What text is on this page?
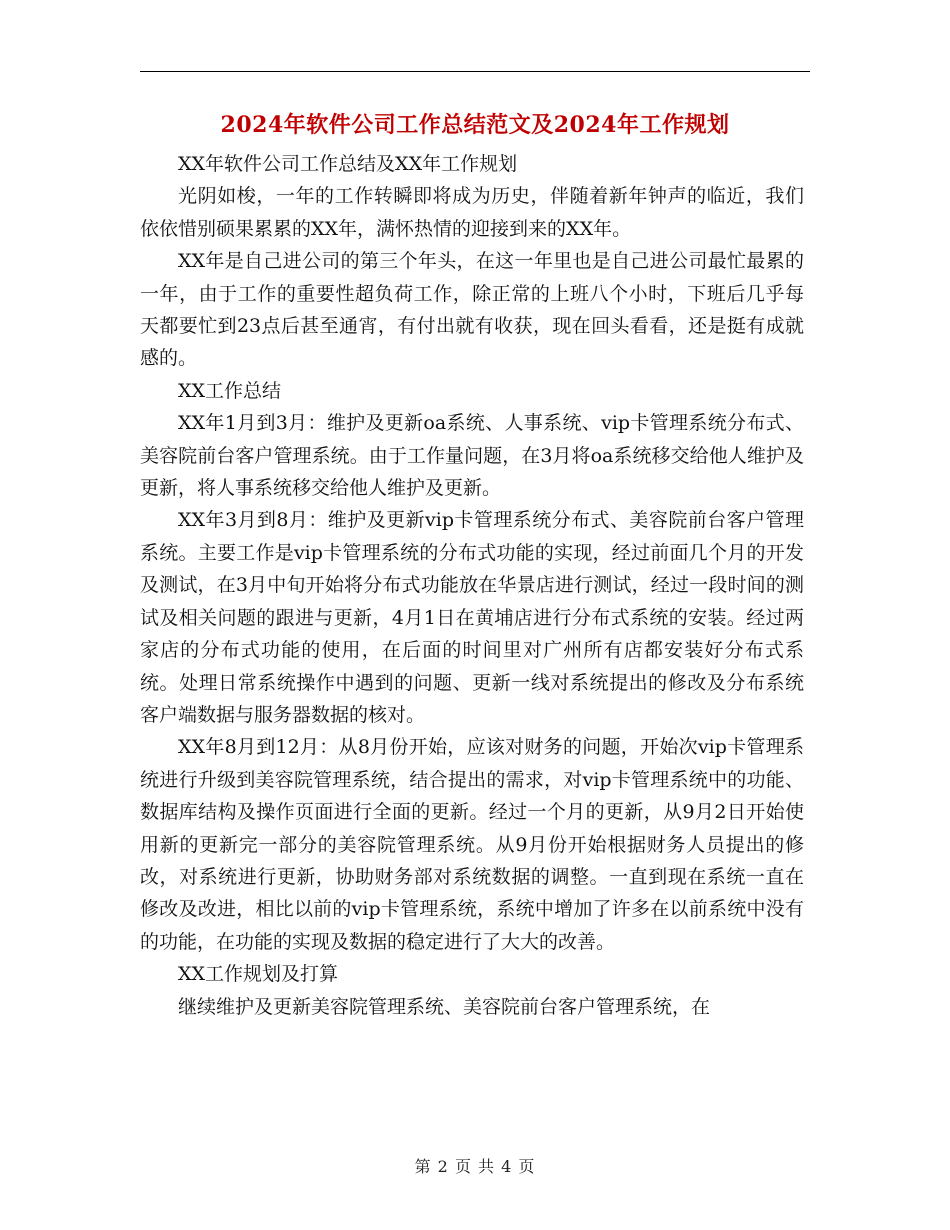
2024年软件公司工作总结范文及2024年工作规划

XX年软件公司工作总结及XX年工作规划

光阴如梭，一年的工作转瞬即将成为历史，伴随着新年钟声的临近，我们依依惜别硕果累累的XX年，满怀热情的迎接到来的XX年。

XX年是自己进公司的第三个年头，在这一年里也是自己进公司最忙最累的一年，由于工作的重要性超负荷工作，除正常的上班八个小时，下班后几乎每天都要忙到23点后甚至通宵，有付出就有收获，现在回头看看，还是挺有成就感的。

XX工作总结

XX年1月到3月：维护及更新oa系统、人事系统、vip卡管理系统分布式、美容院前台客户管理系统。由于工作量问题，在3月将oa系统移交给他人维护及更新，将人事系统移交给他人维护及更新。

XX年3月到8月：维护及更新vip卡管理系统分布式、美容院前台客户管理系统。主要工作是vip卡管理系统的分布式功能的实现，经过前面几个月的开发及测试，在3月中旬开始将分布式功能放在华景店进行测试，经过一段时间的测试及相关问题的跟进与更新，4月1日在黄埔店进行分布式系统的安装。经过两家店的分布式功能的使用，在后面的时间里对广州所有店都安装好分布式系统。处理日常系统操作中遇到的问题、更新一线对系统提出的修改及分布系统客户端数据与服务器数据的核对。

XX年8月到12月：从8月份开始，应该对财务的问题，开始次vip卡管理系统进行升级到美容院管理系统，结合提出的需求，对vip卡管理系统中的功能、数据库结构及操作页面进行全面的更新。经过一个月的更新，从9月2日开始使用新的更新完一部分的美容院管理系统。从9月份开始根据财务人员提出的修改，对系统进行更新，协助财务部对系统数据的调整。一直到现在系统一直在修改及改进，相比以前的vip卡管理系统，系统中增加了许多在以前系统中没有的功能，在功能的实现及数据的稳定进行了大大的改善。

XX工作规划及打算

继续维护及更新美容院管理系统、美容院前台客户管理系统，在

第 2 页 共 4 页
